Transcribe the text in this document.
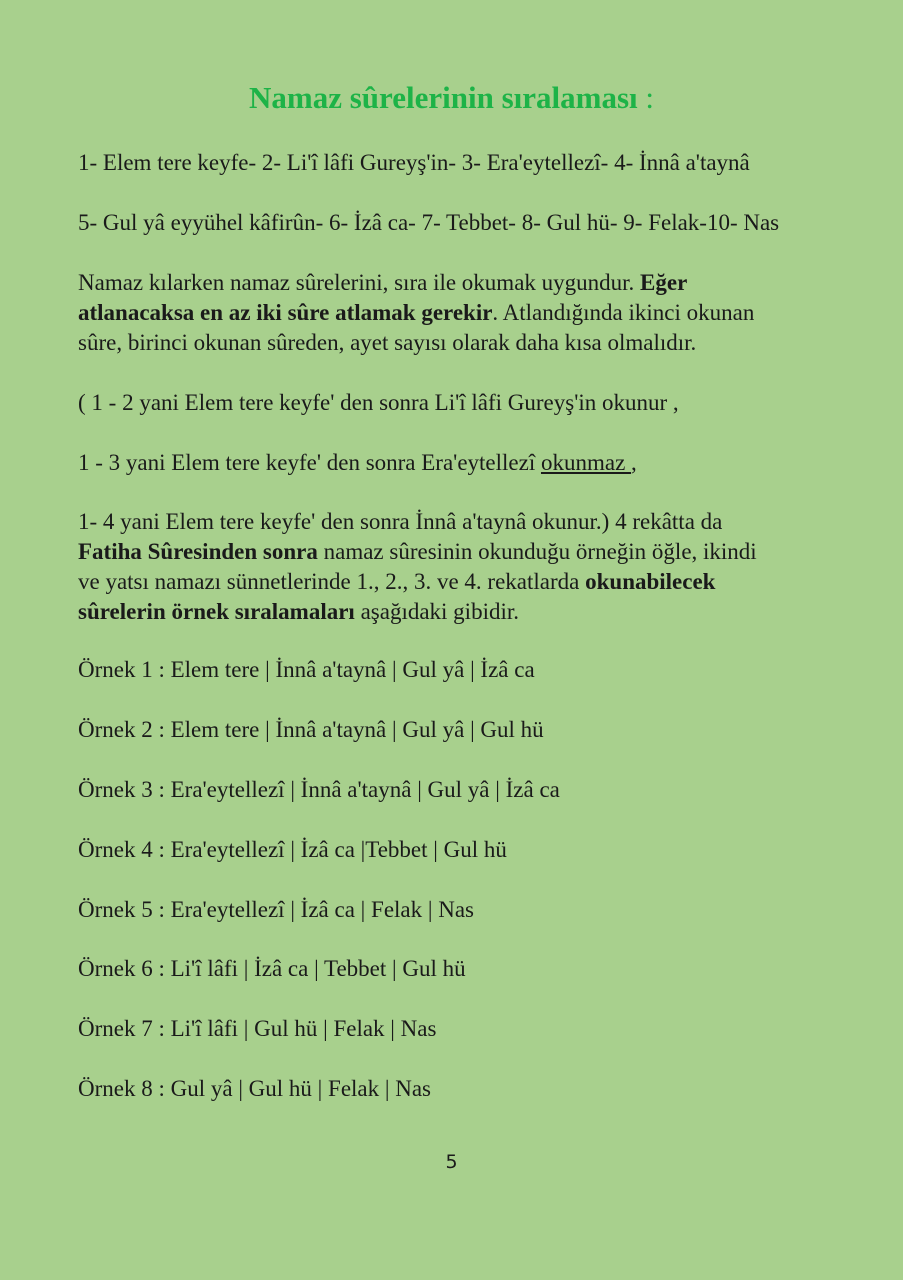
Namaz sûrelerinin sıralaması :
1- Elem tere keyfe- 2- Li'î lâfi Gureyş'in- 3- Era'eytellezî- 4- İnnâ a'taynâ
5- Gul yâ eyyühel kâfirûn- 6- İzâ ca- 7- Tebbet- 8- Gul hü- 9- Felak-10- Nas
Namaz kılarken namaz sûrelerini, sıra ile okumak uygundur. Eğer
atlanacaksa en az iki sûre atlamak gerekir. Atlandığında ikinci okunan
sûre, birinci okunan sûreden, ayet sayısı olarak daha kısa olmalıdır.
( 1 - 2 yani Elem tere keyfe' den sonra Li'î lâfi Gureyş'in okunur ,
1 - 3 yani Elem tere keyfe' den sonra Era'eytellezî okunmaz ,
1- 4 yani Elem tere keyfe' den sonra İnnâ a'taynâ okunur.) 4 rekâtta da
Fatiha Sûresinden sonra namaz sûresinin okunduğu örneğin öğle, ikindi
ve yatsı namazı sünnetlerinde 1., 2., 3. ve 4. rekatlarda okunabilecek
sûrelerin örnek sıralamaları aşağıdaki gibidir.
Örnek 1 : Elem tere | İnnâ a'taynâ | Gul yâ | İzâ ca
Örnek 2 : Elem tere | İnnâ a'taynâ | Gul yâ | Gul hü
Örnek 3 : Era'eytellezî | İnnâ a'taynâ | Gul yâ | İzâ ca
Örnek 4 : Era'eytellezî | İzâ ca |Tebbet | Gul hü
Örnek 5 : Era'eytellezî | İzâ ca | Felak | Nas
Örnek 6 : Li'î lâfi | İzâ ca | Tebbet | Gul hü
Örnek 7 : Li'î lâfi | Gul hü | Felak | Nas
Örnek 8 : Gul yâ | Gul hü | Felak | Nas
5
